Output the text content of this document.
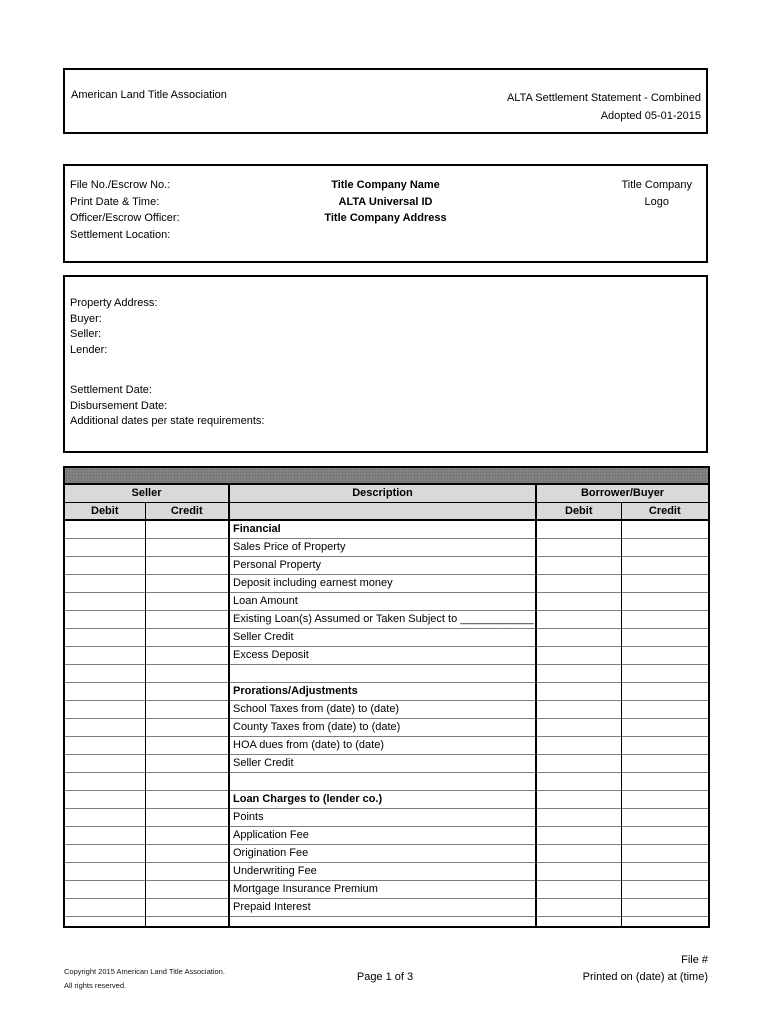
American Land Title Association	ALTA Settlement Statement - Combined
Adopted 05-01-2015
File No./Escrow No.:
Print Date & Time:
Officer/Escrow Officer:
Settlement Location:
Title Company Name
ALTA Universal ID
Title Company Address
Title Company
Logo
Property Address:
Buyer:
Seller:
Lender:
Settlement Date:
Disbursement Date:
Additional dates per state requirements:

Seller		Description	Borrower/Buyer	
Debit	Credit		Debit	Credit
		Financial		
		Sales Price of Property		
		Personal Property		
		Deposit including earnest money		
		Loan Amount		
		Existing Loan(s) Assumed or Taken Subject to ____________		
		Seller Credit		
		Excess Deposit		

		Prorations/Adjustments		
		School Taxes from (date) to (date)		
		County Taxes from (date) to (date)		
		HOA dues from (date) to (date)		
		Seller Credit		

		Loan Charges to (lender co.)		
		Points		
		Application Fee		
		Origination Fee		
		Underwriting Fee		
		Mortgage Insurance Premium		
		Prepaid Interest		

Copyright 2015 American Land Title Association.
All rights reserved.
Page 1 of 3
File #
Printed on (date) at (time)
